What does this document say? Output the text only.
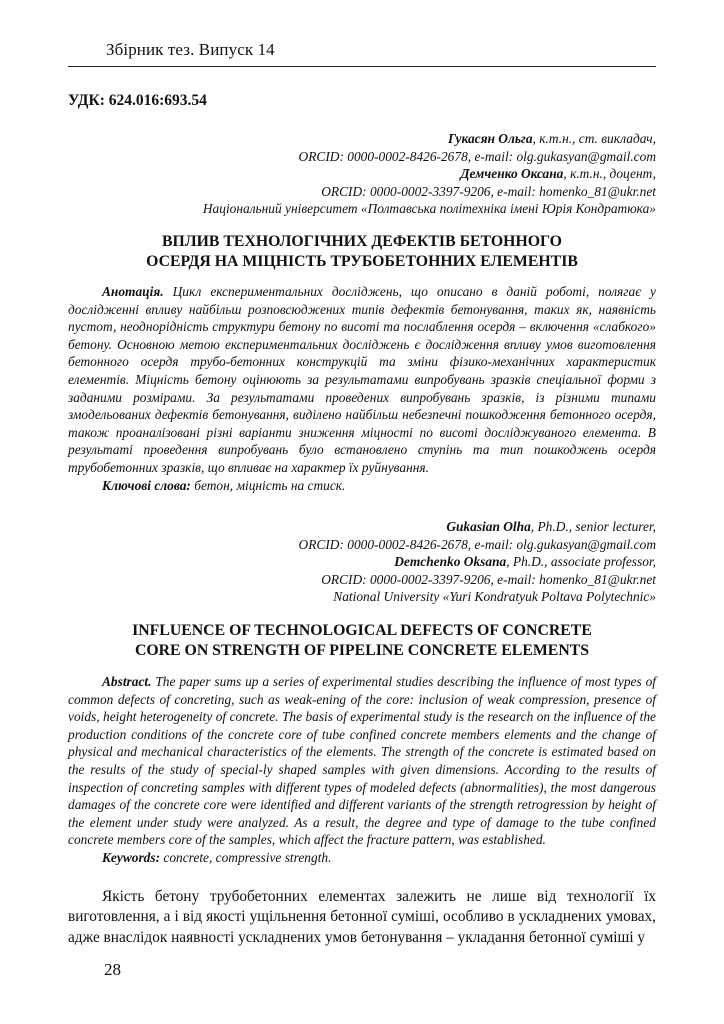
Збірник тез. Випуск 14
УДК: 624.016:693.54
Гукасян Ольга, к.т.н., ст. викладач,
ORCID: 0000-0002-8426-2678, e-mail: olg.gukasyan@gmail.com
Демченко Оксана, к.т.н., доцент,
ORCID: 0000-0002-3397-9206, e-mail: homenko_81@ukr.net
Національний університет «Полтавська політехніка імені Юрія Кондратюка»
ВПЛИВ ТЕХНОЛОГІЧНИХ ДЕФЕКТІВ БЕТОННОГО
ОСЕРДЯ НА МІЦНІСТЬ ТРУБОБЕТОННИХ ЕЛЕМЕНТІВ

Анотація. Цикл експериментальних досліджень, що описано в даній роботі, полягає у дослідженні впливу найбільш розповсюджених типів дефектів бетонування, таких як, наявність пустот, неоднорідність структури бетону по висоті та послаблення осердя – включення «слабкого» бетону. Основною метою експериментальних досліджень є дослідження впливу умов виготовлення бетонного осердя трубо-бетонних конструкцій та зміни фізико-механічних характеристик елементів. Міцність бетону оцінюють за результатами випробувань зразків спеціальної форми з заданими розмірами. За результатами проведених випробувань зразків, із різними типами змодельованих дефектів бетонування, виділено найбільш небезпечні пошкодження бетонного осердя, також проаналізовані різні варіанти зниження міцності по висоті досліджуваного елемента. В результаті проведення випробувань було встановлено ступінь та тип пошкоджень осердя трубобетонних зразків, що впливає на характер їх руйнування.

Ключові слова: бетон, міцність на стиск.

Gukasian Olha, Ph.D., senior lecturer,
ORCID: 0000-0002-8426-2678, e-mail: olg.gukasyan@gmail.com
Demchenko Oksana, Ph.D., associate professor,
ORCID: 0000-0002-3397-9206, e-mail: homenko_81@ukr.net
National University «Yuri Kondratyuk Poltava Polytechnic»
INFLUENCE OF TECHNOLOGICAL DEFECTS OF CONCRETE
CORE ON STRENGTH OF PIPELINE CONCRETE ELEMENTS

Abstract. The paper sums up a series of experimental studies describing the influence of most types of common defects of concreting, such as weak-ening of the core: inclusion of weak compression, presence of voids, height heterogeneity of concrete. The basis of experimental study is the research on the influence of the production conditions of the concrete core of tube confined concrete members elements and the change of physical and mechanical characteristics of the elements. The strength of the concrete is estimated based on the results of the study of special-ly shaped samples with given dimensions. According to the results of inspection of concreting samples with different types of modeled defects (abnormalities), the most dangerous damages of the concrete core were identified and different variants of the strength retrogression by height of the element under study were analyzed. As a result, the degree and type of damage to the tube confined concrete members core of the samples, which affect the fracture pattern, was established.

Keywords: concrete, compressive strength.

Якість бетону трубобетонних елементах залежить не лише від технології їх виготовлення, а і від якості ущільнення бетонної суміші, особливо в ускладнених умовах, адже внаслідок наявності ускладнених умов бетонування – укладання бетонної суміші у

28
